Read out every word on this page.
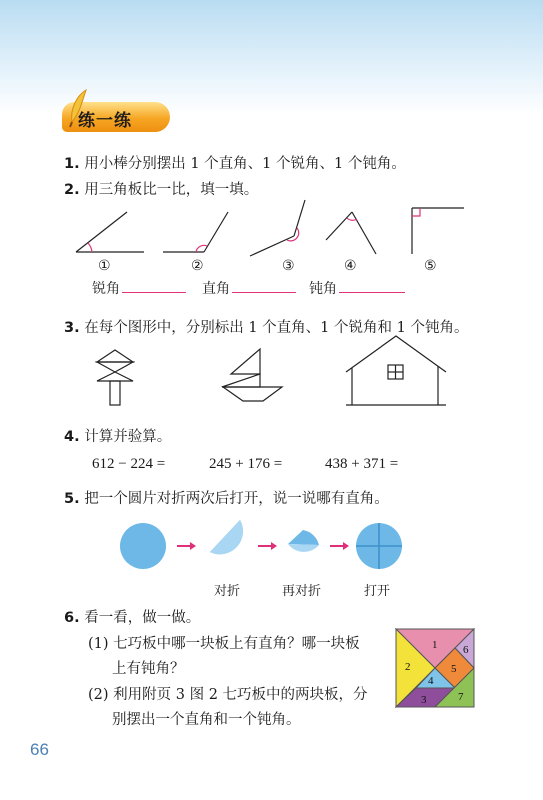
练一练
1. 用小棒分别摆出 1 个直角、1 个锐角、1 个钝角。
2. 用三角板比一比，填一填。
①	②	③	④	⑤
锐角	直角	钝角
3. 在每个图形中，分别标出 1 个直角、1 个锐角和 1 个钝角。
4. 计算并验算。
612 − 224 =	245 + 176 =	438 + 371 =
5. 把一个圆片对折两次后打开，说一说哪有直角。
对折	再对折	打开
6. 看一看，做一做。
(1) 七巧板中哪一块板上有直角？哪一块板
上有钝角？
(2) 利用附页 3 图 2 七巧板中的两块板，分
别摆出一个直角和一个钝角。
1
2
3
4
5
6
7
66
